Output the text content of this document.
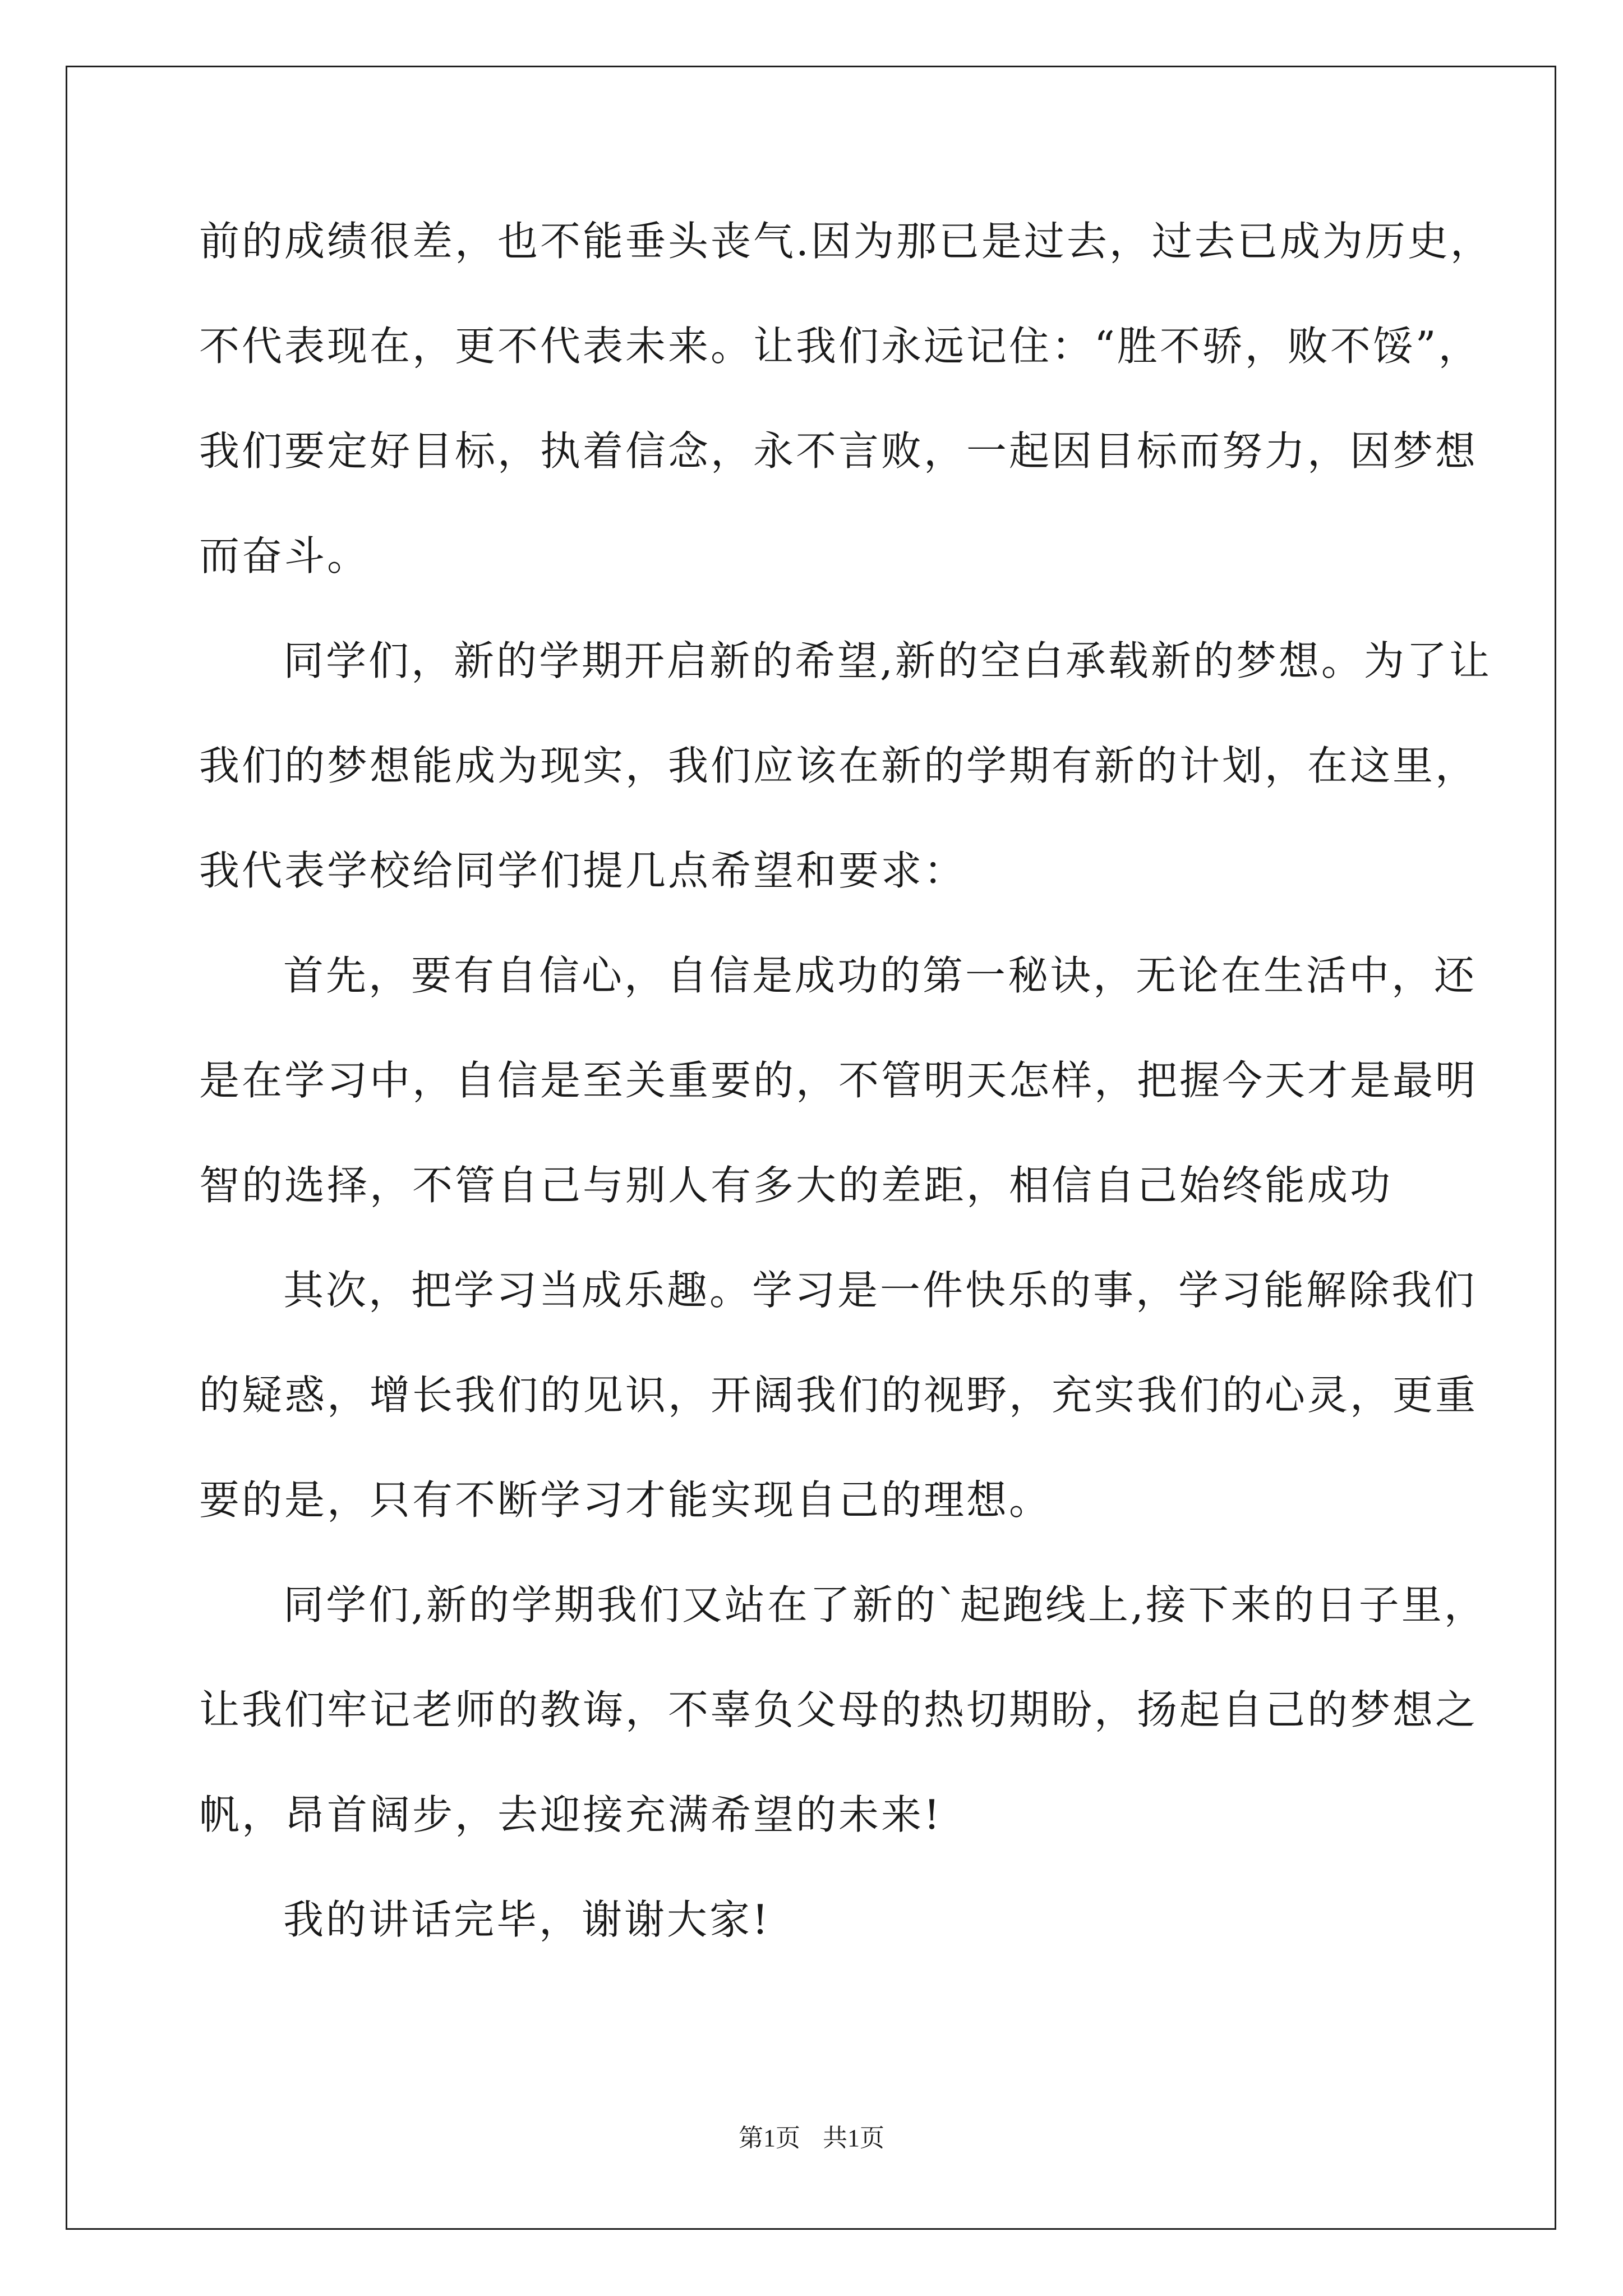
前的成绩很差，也不能垂头丧气.因为那已是过去，过去已成为历史，
不代表现在，更不代表未来。让我们永远记住：“胜不骄，败不馁”，
我们要定好目标，执着信念，永不言败，一起因目标而努力，因梦想
而奋斗。
同学们，新的学期开启新的希望,新的空白承载新的梦想。为了让
我们的梦想能成为现实，我们应该在新的学期有新的计划，在这里，
我代表学校给同学们提几点希望和要求：
首先，要有自信心，自信是成功的第一秘诀，无论在生活中，还
是在学习中，自信是至关重要的，不管明天怎样，把握今天才是最明
智的选择，不管自己与别人有多大的差距，相信自己始终能成功
其次，把学习当成乐趣。学习是一件快乐的事，学习能解除我们
的疑惑，增长我们的见识，开阔我们的视野，充实我们的心灵，更重
要的是，只有不断学习才能实现自己的理想。
同学们,新的学期我们又站在了新的`起跑线上,接下来的日子里，
让我们牢记老师的教诲，不辜负父母的热切期盼，扬起自己的梦想之
帆，昂首阔步，去迎接充满希望的未来!
我的讲话完毕，谢谢大家!
第1页 共1页
